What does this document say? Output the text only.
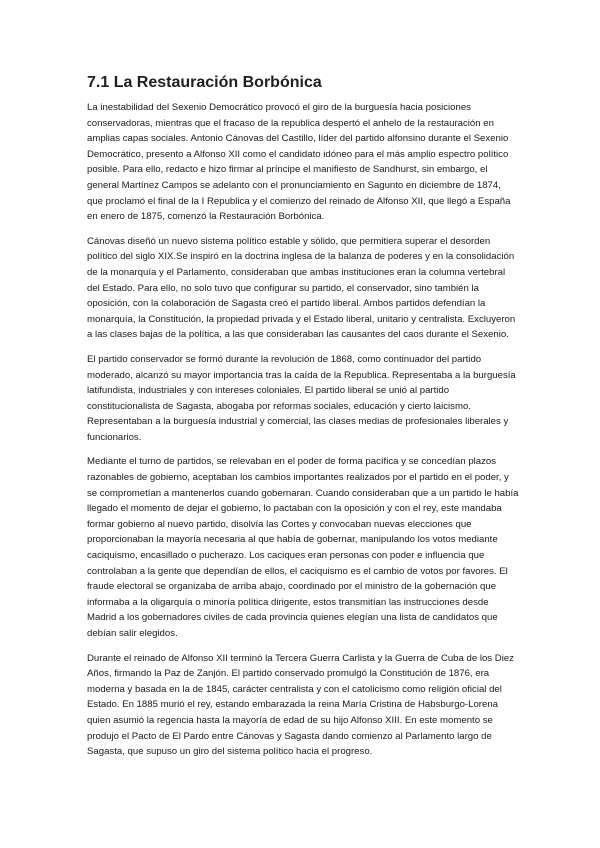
7.1 La Restauración Borbónica

La inestabilidad del Sexenio Democrático provocó el giro de la burguesía hacia posiciones conservadoras, mientras que el fracaso de la republica despertó el anhelo de la restauración en amplias capas sociales. Antonio Cánovas del Castillo, líder del partido alfonsino durante el Sexenio Democrático, presento a Alfonso XII como el candidato idóneo para el más amplio espectro político posible. Para ello, redacto e hizo firmar al príncipe el manifiesto de Sandhurst, sin embargo, el general Martínez Campos se adelanto con el pronunciamiento en Sagunto en diciembre de 1874, que proclamó el final de la I Republica y el comienzo del reinado de Alfonso XII, que llegó a España en enero de 1875, comenzó la Restauración Borbónica.

Cánovas diseñó un nuevo sistema político estable y sólido, que permitiera superar el desorden político del siglo XIX.Se inspiró en la doctrina inglesa de la balanza de poderes y en la consolidación de la monarquía y el Parlamento, consideraban que ambas instituciones eran la columna vertebral del Estado. Para ello, no solo tuvo que configurar su partido, el conservador, sino también la oposición, con la colaboración de Sagasta creó el partido liberal. Ambos partidos defendían la monarquía, la Constitución, la propiedad privada y el Estado liberal, unitario y centralista. Excluyeron a las clases bajas de la política, a las que consideraban las causantes del caos durante el Sexenio.

El partido conservador se formó durante la revolución de 1868, como continuador del partido moderado, alcanzó su mayor importancia tras la caída de la Republica. Representaba a la burguesía latifundista, industriales y con intereses coloniales. El partido liberal se unió al partido constitucionalista de Sagasta, abogaba por reformas sociales, educación y cierto laicismo. Representaban a la burguesía industrial y comercial, las clases medias de profesionales liberales y funcionarios.

Mediante el turno de partidos, se relevaban en el poder de forma pacífica y se concedían plazos razonables de gobierno, aceptaban los cambios importantes realizados por el partido en el poder, y se comprometían a mantenerlos cuando gobernaran. Cuando consideraban que a un partido le había llegado el momento de dejar el gobierno, lo pactaban con la oposición y con el rey, este mandaba formar gobierno al nuevo partido, disolvía las Cortes y convocaban nuevas elecciones que proporcionaban la mayoría necesaria al que había de gobernar, manipulando los votos mediante caciquismo, encasillado o pucherazo. Los caciques eran personas con poder e influencia que controlaban a la gente que dependían de ellos, el caciquismo es el cambio de votos por favores. El fraude electoral se organizaba de arriba abajo, coordinado por el ministro de la gobernación que informaba a la oligarquía o minoría política dirigente, estos transmitían las instrucciones desde Madrid a los gobernadores civiles de cada provincia quienes elegían una lista de candidatos que debían salir elegidos.

Durante el reinado de Alfonso XII terminó la Tercera Guerra Carlista y la Guerra de Cuba de los Diez Años, firmando la Paz de Zanjón. El partido conservado promulgó la Constitución de 1876, era moderna y basada en la de 1845, carácter centralista y con el catolicismo como religión oficial del Estado. En 1885 murió el rey, estando embarazada la reina María Cristina de Habsburgo-Lorena quien asumió la regencia hasta la mayoría de edad de su hijo Alfonso XIII. En este momento se produjo el Pacto de El Pardo entre Cánovas y Sagasta dando comienzo al Parlamento largo de Sagasta, que supuso un giro del sistema político hacia el progreso.
